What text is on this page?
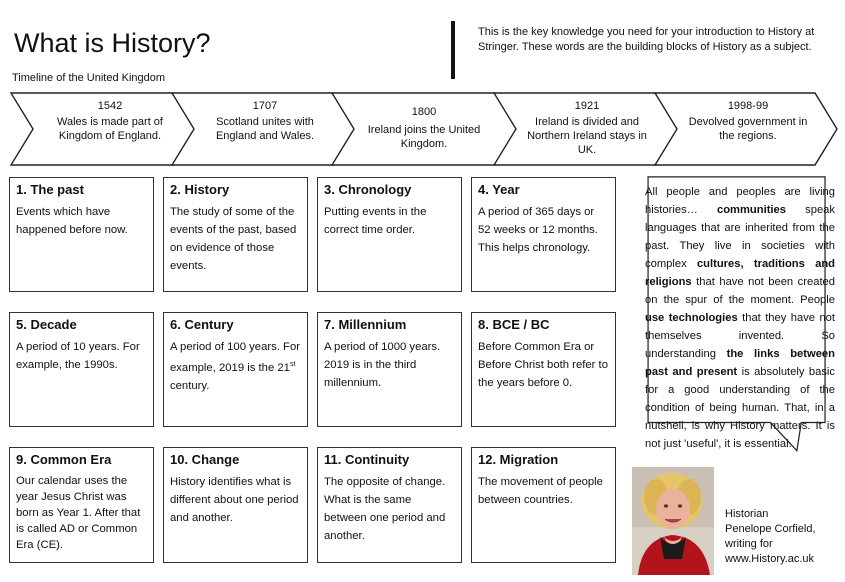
What is History?
Timeline of the United Kingdom
This is the key knowledge you need for your introduction to History at Stringer. These words are the building blocks of History as a subject.
1542
Wales is made part of Kingdom of England.
1707
Scotland unites with England and Wales.
1800
Ireland joins the United Kingdom.
1921
Ireland is divided and Northern Ireland stays in UK.
1998-99
Devolved government in the regions.
1. The past

Events which have happened before now.

2. History

The study of some of the events of the past, based on evidence of those events.

3. Chronology

Putting events in the correct time order.

4. Year

A period of 365 days or 52 weeks or 12 months. This helps chronology.

5. Decade

A period of 10 years. For example, the 1990s.

6. Century

A period of 100 years. For example, 2019 is the 21st century.

7. Millennium

A period of 1000 years. 2019 is in the third millennium.

8. BCE / BC

Before Common Era or Before Christ both refer to the years before 0.

9. Common Era

Our calendar uses the year Jesus Christ was born as Year 1. After that is called AD or Common Era (CE).

10. Change

History identifies what is different about one period and another.

11. Continuity

The opposite of change. What is the same between one period and another.

12. Migration

The movement of people between countries.

All people and peoples are living histories… communities speak languages that are inherited from the past. They live in societies with complex cultures, traditions and religions that have not been created on the spur of the moment. People use technologies that they have not themselves invented. So understanding the links between past and present is absolutely basic for a good understanding of the condition of being human. That, in a nutshell, is why History matters. It is not just 'useful', it is essential.
Historian
Penelope Corfield,
writing for
www.History.ac.uk
